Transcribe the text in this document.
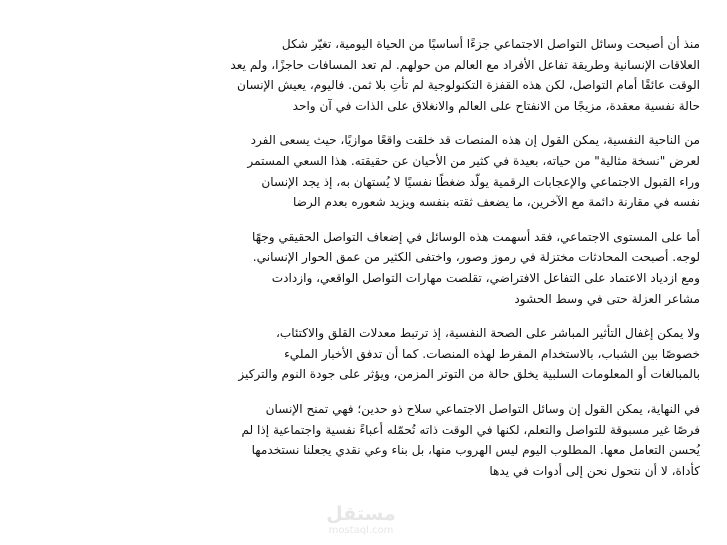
منذ أن أصبحت وسائل التواصل الاجتماعي جزءًا أساسيًا من الحياة اليومية، تغيّر شكل
العلاقات الإنسانية وطريقة تفاعل الأفراد مع العالم من حولهم. لم تعد المسافات حاجزًا، ولم يعد
الوقت عائقًا أمام التواصل، لكن هذه القفزة التكنولوجية لم تأتِ بلا ثمن. فاليوم، يعيش الإنسان
حالة نفسية معقدة، مزيجًا من الانفتاح على العالم والانغلاق على الذات في آن واحد
من الناحية النفسية، يمكن القول إن هذه المنصات قد خلقت واقعًا موازيًا، حيث يسعى الفرد
لعرض "نسخة مثالية" من حياته، بعيدة في كثير من الأحيان عن حقيقته. هذا السعي المستمر
وراء القبول الاجتماعي والإعجابات الرقمية يولّد ضغطًا نفسيًا لا يُستهان به، إذ يجد الإنسان
نفسه في مقارنة دائمة مع الآخرين، ما يضعف ثقته بنفسه ويزيد شعوره بعدم الرضا
أما على المستوى الاجتماعي، فقد أسهمت هذه الوسائل في إضعاف التواصل الحقيقي وجهًا
لوجه. أصبحت المحادثات مختزلة في رموز وصور، واختفى الكثير من عمق الحوار الإنساني.
ومع ازدياد الاعتماد على التفاعل الافتراضي، تقلصت مهارات التواصل الواقعي، وازدادت
مشاعر العزلة حتى في وسط الحشود
ولا يمكن إغفال التأثير المباشر على الصحة النفسية، إذ ترتبط معدلات القلق والاكتئاب،
خصوصًا بين الشباب، بالاستخدام المفرط لهذه المنصات. كما أن تدفق الأخبار المليء
بالمبالغات أو المعلومات السلبية يخلق حالة من التوتر المزمن، ويؤثر على جودة النوم والتركيز
في النهاية، يمكن القول إن وسائل التواصل الاجتماعي سلاح ذو حدين؛ فهي تمنح الإنسان
فرصًا غير مسبوقة للتواصل والتعلم، لكنها في الوقت ذاته تُحمّله أعباءً نفسية واجتماعية إذا لم
يُحسن التعامل معها. المطلوب اليوم ليس الهروب منها، بل بناء وعي نقدي يجعلنا نستخدمها
كأداة، لا أن نتحول نحن إلى أدوات في يدها
مستقل
mostaql.com
